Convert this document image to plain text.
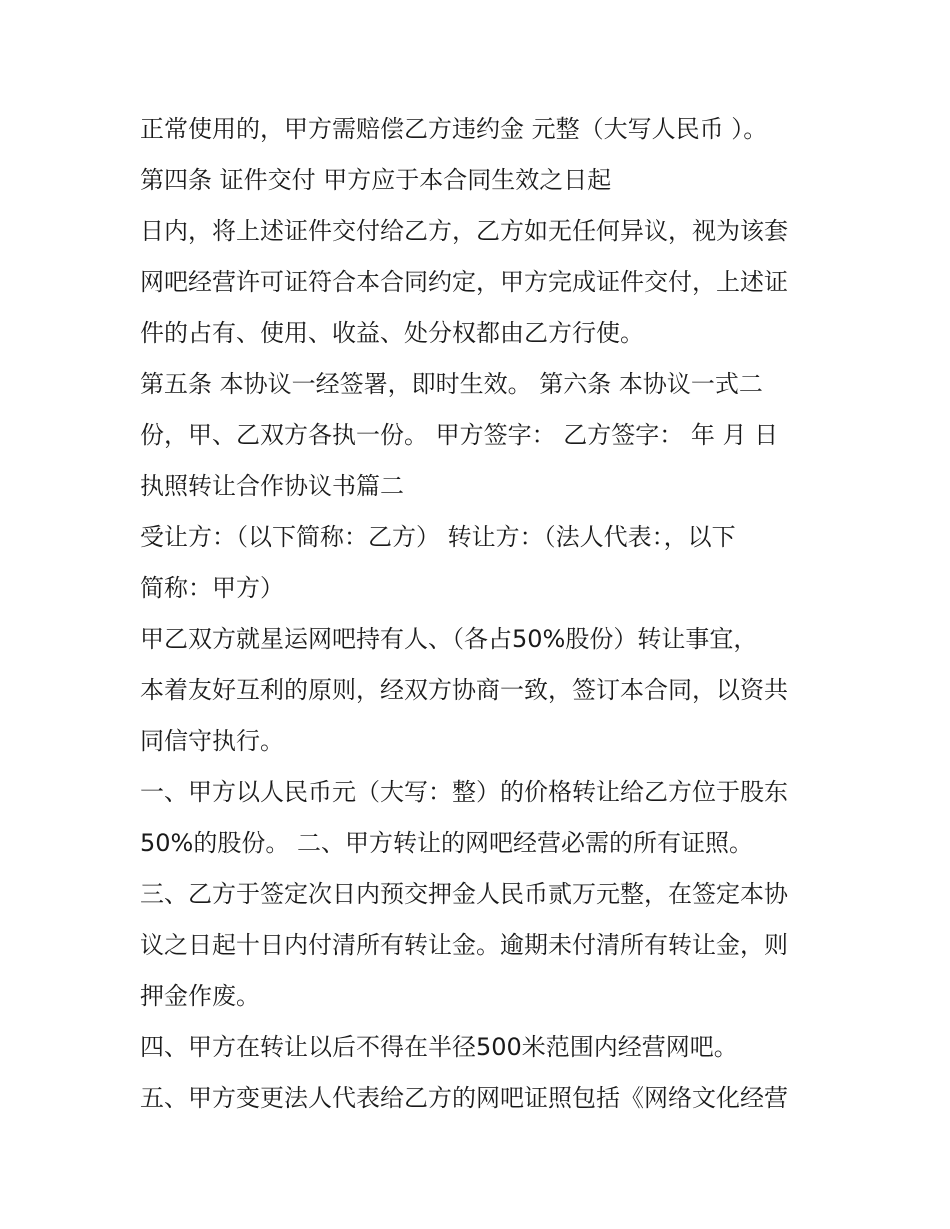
正常使用的，甲方需赔偿乙方违约金 元整（大写人民币 ）。
第四条 证件交付 甲方应于本合同生效之日起
日内，将上述证件交付给乙方，乙方如无任何异议，视为该套
网吧经营许可证符合本合同约定，甲方完成证件交付，上述证
件的占有、使用、收益、处分权都由乙方行使。
第五条 本协议一经签署，即时生效。 第六条 本协议一式二
份，甲、乙双方各执一份。 甲方签字： 乙方签字： 年 月 日
执照转让合作协议书篇二
受让方：（以下简称：乙方） 转让方：（法人代表：，以下
简称：甲方）
甲乙双方就星运网吧持有人、（各占50%股份）转让事宜，
本着友好互利的原则，经双方协商一致，签订本合同，以资共
同信守执行。
一、甲方以人民币元（大写：整）的价格转让给乙方位于股东
50%的股份。 二、甲方转让的网吧经营必需的所有证照。
三、乙方于签定次日内预交押金人民币贰万元整，在签定本协
议之日起十日内付清所有转让金。逾期未付清所有转让金，则
押金作废。
四、甲方在转让以后不得在半径500米范围内经营网吧。
五、甲方变更法人代表给乙方的网吧证照包括《网络文化经营
